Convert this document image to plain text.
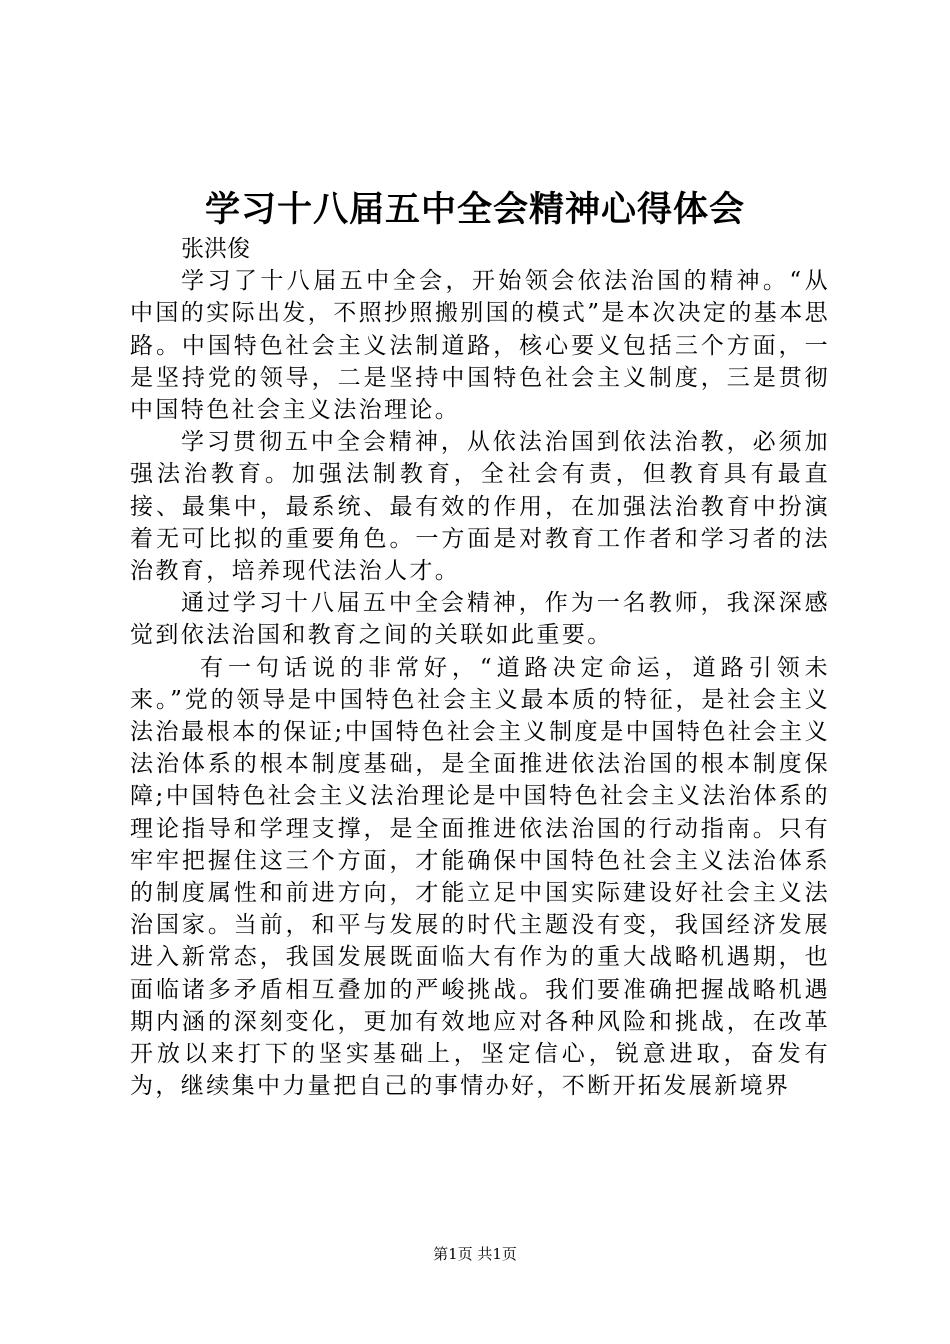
学习十八届五中全会精神心得体会

张洪俊

学习了十八届五中全会，开始领会依法治国的精神。“从中国的实际出发，不照抄照搬别国的模式”是本次决定的基本思路。中国特色社会主义法制道路，核心要义包括三个方面，一是坚持党的领导，二是坚持中国特色社会主义制度，三是贯彻中国特色社会主义法治理论。

学习贯彻五中全会精神，从依法治国到依法治教，必须加强法治教育。加强法制教育，全社会有责，但教育具有最直接、最集中，最系统、最有效的作用，在加强法治教育中扮演着无可比拟的重要角色。一方面是对教育工作者和学习者的法治教育，培养现代法治人才。

通过学习十八届五中全会精神，作为一名教师，我深深感觉到依法治国和教育之间的关联如此重要。

有一句话说的非常好，“道路决定命运，道路引领未来。”党的领导是中国特色社会主义最本质的特征，是社会主义法治最根本的保证;中国特色社会主义制度是中国特色社会主义法治体系的根本制度基础，是全面推进依法治国的根本制度保障;中国特色社会主义法治理论是中国特色社会主义法治体系的理论指导和学理支撑，是全面推进依法治国的行动指南。只有牢牢把握住这三个方面，才能确保中国特色社会主义法治体系的制度属性和前进方向，才能立足中国实际建设好社会主义法治国家。当前，和平与发展的时代主题没有变，我国经济发展进入新常态，我国发展既面临大有作为的重大战略机遇期，也面临诸多矛盾相互叠加的严峻挑战。我们要准确把握战略机遇期内涵的深刻变化，更加有效地应对各种风险和挑战，在改革开放以来打下的坚实基础上，坚定信心，锐意进取，奋发有为，继续集中力量把自己的事情办好，不断开拓发展新境界

第1页 共1页
